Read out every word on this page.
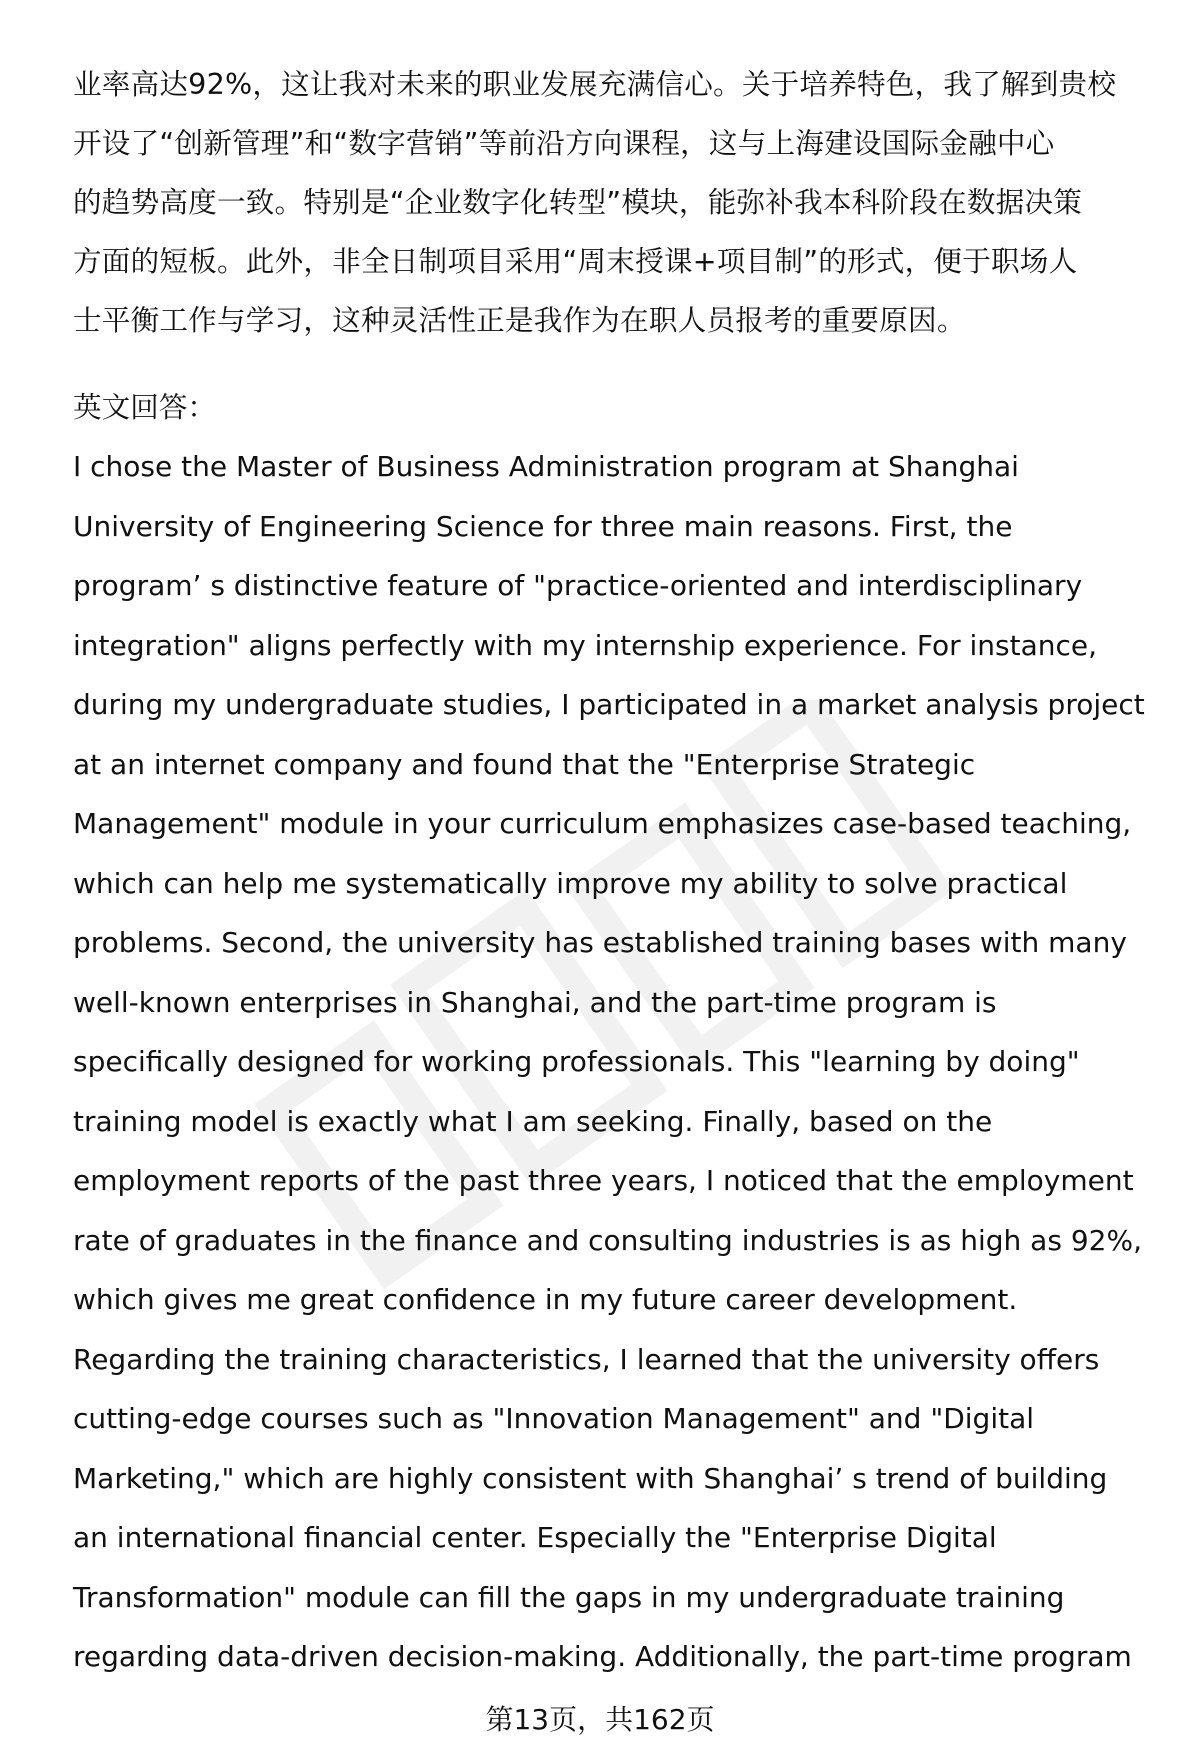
业率高达92%，这让我对未来的职业发展充满信心。关于培养特色，我了解到贵校
开设了“创新管理”和“数字营销”等前沿方向课程，这与上海建设国际金融中心
的趋势高度一致。特别是“企业数字化转型”模块，能弥补我本科阶段在数据决策
方面的短板。此外，非全日制项目采用“周末授课+项目制”的形式，便于职场人
士平衡工作与学习，这种灵活性正是我作为在职人员报考的重要原因。

英文回答：

I chose the Master of Business Administration program at Shanghai
University of Engineering Science for three main reasons. First, the
program’ s distinctive feature of "practice-oriented and interdisciplinary
integration" aligns perfectly with my internship experience. For instance,
during my undergraduate studies, I participated in a market analysis project
at an internet company and found that the "Enterprise Strategic
Management" module in your curriculum emphasizes case-based teaching,
which can help me systematically improve my ability to solve practical
problems. Second, the university has established training bases with many
well-known enterprises in Shanghai, and the part-time program is
specifically designed for working professionals. This "learning by doing"
training model is exactly what I am seeking. Finally, based on the
employment reports of the past three years, I noticed that the employment
rate of graduates in the finance and consulting industries is as high as 92%,
which gives me great confidence in my future career development.
Regarding the training characteristics, I learned that the university offers
cutting-edge courses such as "Innovation Management" and "Digital
Marketing," which are highly consistent with Shanghai’ s trend of building
an international financial center. Especially the "Enterprise Digital
Transformation" module can fill the gaps in my undergraduate training
regarding data-driven decision-making. Additionally, the part-time program

第13页，共162页
